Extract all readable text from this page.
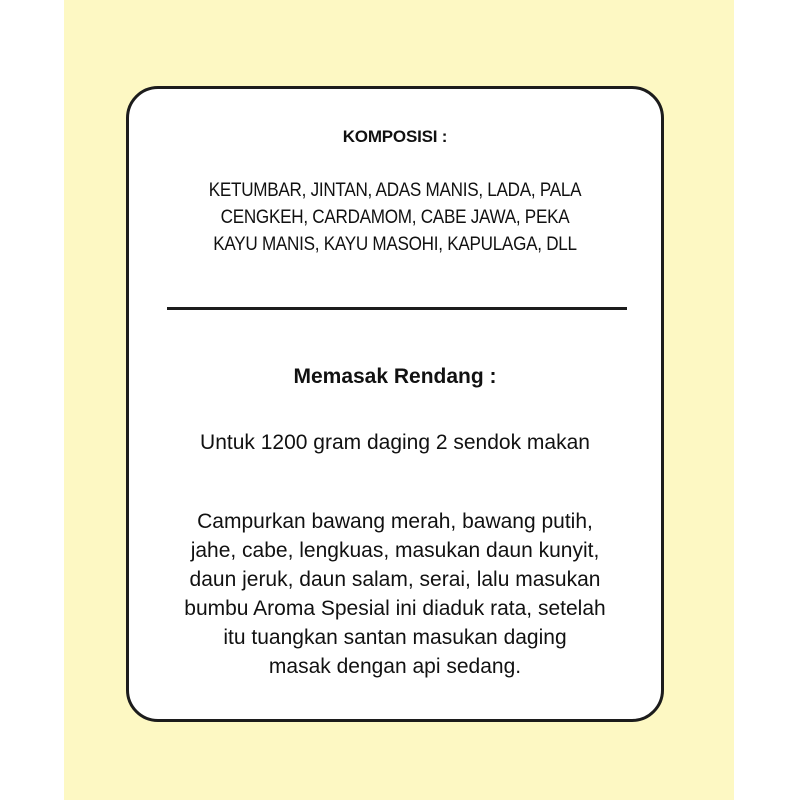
KOMPOSISI :
KETUMBAR, JINTAN, ADAS MANIS, LADA, PALA
CENGKEH, CARDAMOM, CABE JAWA, PEKA
KAYU MANIS, KAYU MASOHI, KAPULAGA, DLL
Memasak Rendang :
Untuk 1200 gram daging 2 sendok makan
Campurkan bawang merah, bawang putih,
jahe, cabe, lengkuas, masukan daun kunyit,
daun jeruk, daun salam, serai, lalu masukan
bumbu Aroma Spesial ini diaduk rata, setelah
itu tuangkan santan masukan daging
masak dengan api sedang.
